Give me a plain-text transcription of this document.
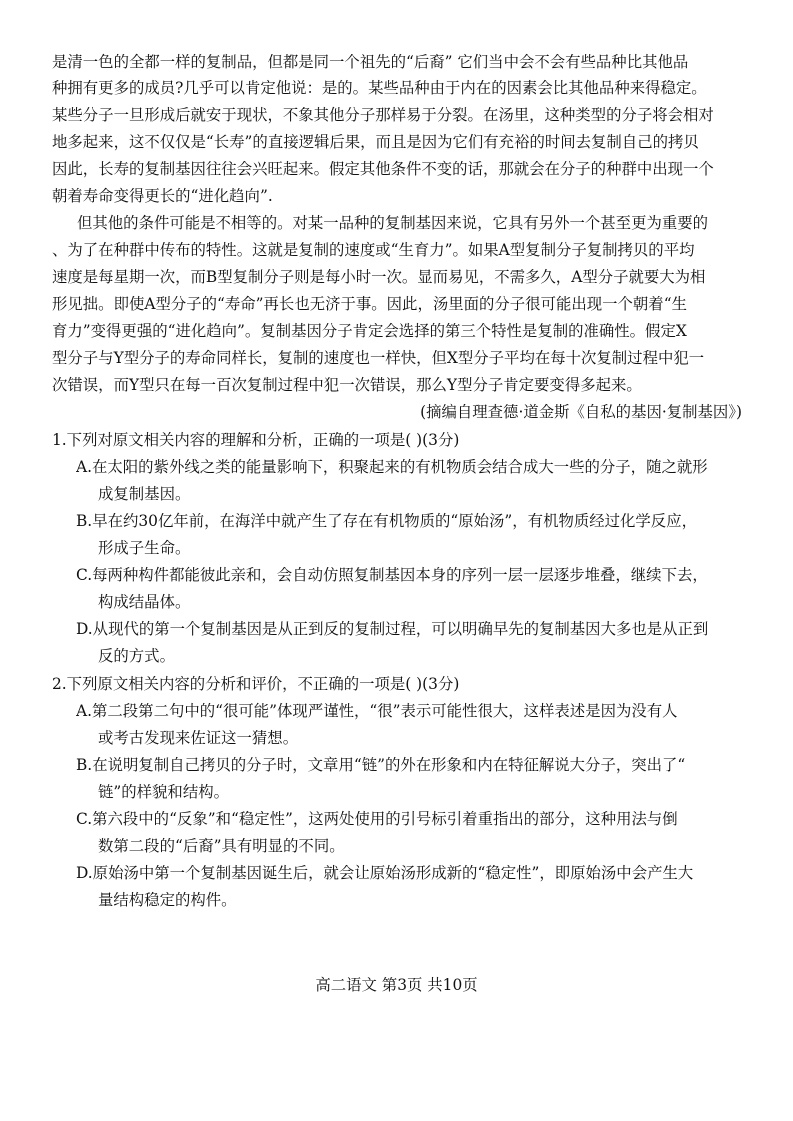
是清一色的全都一样的复制品，但都是同一个祖先的“后裔” 它们当中会不会有些品种比其他品
种拥有更多的成员?几乎可以肯定他说：是的。某些品种由于内在的因素会比其他品种来得稳定。
某些分子一旦形成后就安于现状，不象其他分子那样易于分裂。在汤里，这种类型的分子将会相对
地多起来，这不仅仅是“长寿”的直接逻辑后果，而且是因为它们有充裕的时间去复制自己的拷贝
因此，长寿的复制基因往往会兴旺起来。假定其他条件不变的话，那就会在分子的种群中出现一个
朝着寿命变得更长的“进化趋向”.
但其他的条件可能是不相等的。对某一品种的复制基因来说，它具有另外一个甚至更为重要的
、为了在种群中传布的特性。这就是复制的速度或“生育力”。如果A型复制分子复制拷贝的平均
速度是每星期一次，而B型复制分子则是每小时一次。显而易见，不需多久，A型分子就要大为相
形见拙。即使A型分子的“寿命”再长也无济于事。因此，汤里面的分子很可能出现一个朝着“生
育力”变得更强的“进化趋向”。复制基因分子肯定会选择的第三个特性是复制的准确性。假定X
型分子与Y型分子的寿命同样长，复制的速度也一样快，但X型分子平均在每十次复制过程中犯一
次错误，而Y型只在每一百次复制过程中犯一次错误，那么Y型分子肯定要变得多起来。
(摘编自理查德·道金斯《自私的基因·复制基因》)
1.下列对原文相关内容的理解和分析，正确的一项是( )(3分)
A.在太阳的紫外线之类的能量影响下，积聚起来的有机物质会结合成大一些的分子，随之就形
成复制基因。
B.早在约30亿年前，在海洋中就产生了存在有机物质的“原始汤”，有机物质经过化学反应，
形成子生命。
C.每两种构件都能彼此亲和，会自动仿照复制基因本身的序列一层一层逐步堆叠，继续下去，
构成结晶体。
D.从现代的第一个复制基因是从正到反的复制过程，可以明确早先的复制基因大多也是从正到
反的方式。
2.下列原文相关内容的分析和评价，不正确的一项是( )(3分)
A.第二段第二句中的“很可能”体现严谨性，“很”表示可能性很大，这样表述是因为没有人
或考古发现来佐证这一猜想。
B.在说明复制自己拷贝的分子时，文章用“链”的外在形象和内在特征解说大分子，突出了“
链”的样貌和结构。
C.第六段中的“反象”和“稳定性”，这两处使用的引号标引着重指出的部分，这种用法与倒
数第二段的“后裔”具有明显的不同。
D.原始汤中第一个复制基因诞生后，就会让原始汤形成新的“稳定性”，即原始汤中会产生大
量结构稳定的构件。
高二语文 第3页 共10页
